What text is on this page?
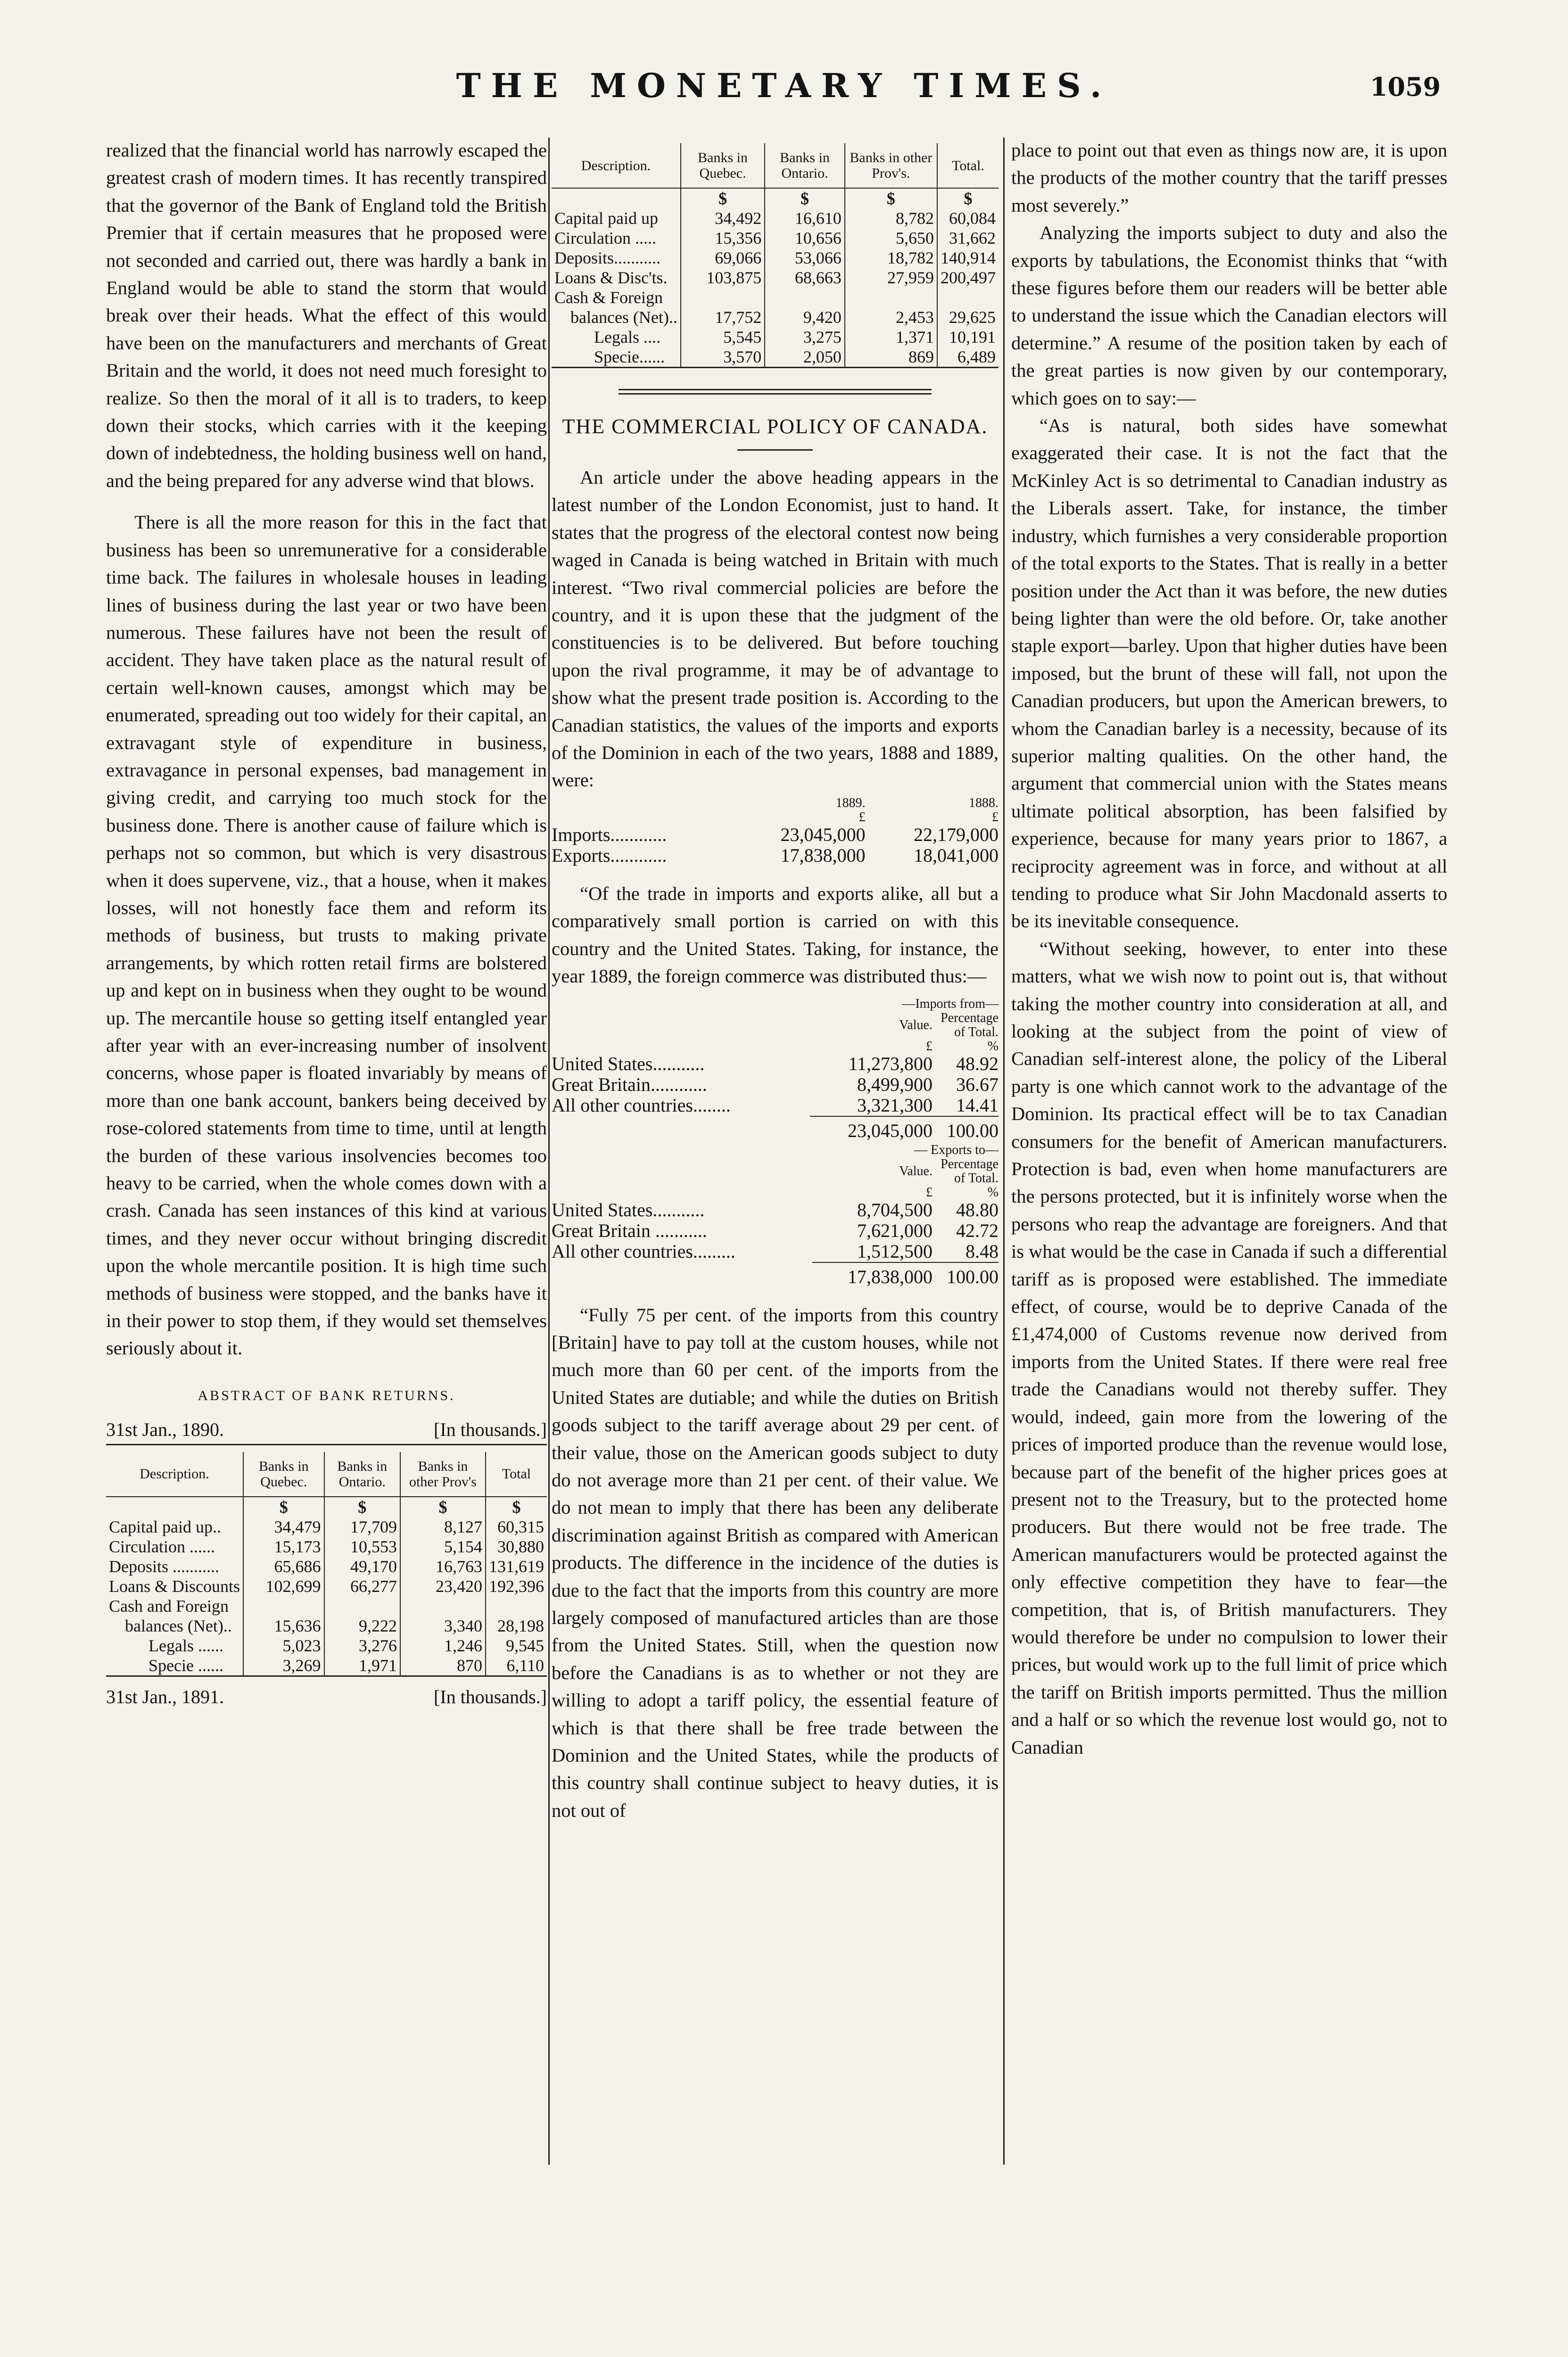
THE MONETARY TIMES.	1059

realized that the financial world has narrowly escaped the greatest crash of modern times. It has recently transpired that the governor of the Bank of England told the British Premier that if certain measures that he proposed were not seconded and carried out, there was hardly a bank in England would be able to stand the storm that would break over their heads. What the effect of this would have been on the manufacturers and merchants of Great Britain and the world, it does not need much foresight to realize. So then the moral of it all is to traders, to keep down their stocks, which carries with it the keeping down of indebtedness, the holding business well on hand, and the being prepared for any adverse wind that blows.

There is all the more reason for this in the fact that business has been so unremunerative for a considerable time back. The failures in wholesale houses in leading lines of business during the last year or two have been numerous. These failures have not been the result of accident. They have taken place as the natural result of certain well-known causes, amongst which may be enumerated, spreading out too widely for their capital, an extravagant style of expenditure in business, extravagance in personal expenses, bad management in giving credit, and carrying too much stock for the business done. There is another cause of failure which is perhaps not so common, but which is very disastrous when it does supervene, viz., that a house, when it makes losses, will not honestly face them and reform its methods of business, but trusts to making private arrangements, by which rotten retail firms are bolstered up and kept on in business when they ought to be wound up. The mercantile house so getting itself entangled year after year with an ever-increasing number of insolvent concerns, whose paper is floated invariably by means of more than one bank account, bankers being deceived by rose-colored statements from time to time, until at length the burden of these various insolvencies becomes too heavy to be carried, when the whole comes down with a crash. Canada has seen instances of this kind at various times, and they never occur without bringing discredit upon the whole mercantile position. It is high time such methods of business were stopped, and the banks have it in their power to stop them, if they would set themselves seriously about it.

ABSTRACT OF BANK RETURNS.
31st Jan., 1890.	[In thousands.]
Description.	Banks in Quebec.	Banks in Ontario.	Banks in other Prov's	Total
	$	$	$	$
Capital paid up..	34,479	17,709	8,127	60,315
Circulation ......	15,173	10,553	5,154	30,880
Deposits ...........	65,686	49,170	16,763	131,619
Loans & Discounts	102,699	66,277	23,420	192,396
Cash and Foreign				
balances (Net)..	15,636	9,222	3,340	28,198
Legals ......	5,023	3,276	1,246	9,545
Specie ......	3,269	1,971	870	6,110
31st Jan., 1891.	[In thousands.]
Description.	Banks in Quebec.	Banks in Ontario.	Banks in other Prov's.	Total.
	$	$	$	$
Capital paid up	34,492	16,610	8,782	60,084
Circulation .....	15,356	10,656	5,650	31,662
Deposits...........	69,066	53,066	18,782	140,914
Loans & Disc'ts.	103,875	68,663	27,959	200,497
Cash & Foreign				
balances (Net)..	17,752	9,420	2,453	29,625
Legals ....	5,545	3,275	1,371	10,191
Specie......	3,570	2,050	869	6,489
THE COMMERCIAL POLICY OF CANADA.

An article under the above heading appears in the latest number of the London Economist, just to hand. It states that the progress of the electoral contest now being waged in Canada is being watched in Britain with much interest. “Two rival commercial policies are before the country, and it is upon these that the judgment of the constituencies is to be delivered. But before touching upon the rival programme, it may be of advantage to show what the present trade position is. According to the Canadian statistics, the values of the imports and exports of the Dominion in each of the two years, 1888 and 1889, were:

	1889.	1888.
	£	£
Imports............	23,045,000	22,179,000
Exports............	17,838,000	18,041,000

“Of the trade in imports and exports alike, all but a comparatively small portion is carried on with this country and the United States. Taking, for instance, the year 1889, the foreign commerce was distributed thus:—

	—Imports from—	
	Value.	Percentage of Total.
	£	%
United States...........	11,273,800	48.92
Great Britain............	8,499,900	36.67
All other countries........	3,321,300	14.41
	23,045,000	100.00
	— Exports to—	
	Value.	Percentage of Total.
	£	%
United States...........	8,704,500	48.80
Great Britain ...........	7,621,000	42.72
All other countries.........	1,512,500	8.48
	17,838,000	100.00

“Fully 75 per cent. of the imports from this country [Britain] have to pay toll at the custom houses, while not much more than 60 per cent. of the imports from the United States are dutiable; and while the duties on British goods subject to the tariff average about 29 per cent. of their value, those on the American goods subject to duty do not average more than 21 per cent. of their value. We do not mean to imply that there has been any deliberate discrimination against British as compared with American products. The difference in the incidence of the duties is due to the fact that the imports from this country are more largely composed of manufactured articles than are those from the United States. Still, when the question now before the Canadians is as to whether or not they are willing to adopt a tariff policy, the essential feature of which is that there shall be free trade between the Dominion and the United States, while the products of this country shall continue subject to heavy duties, it is not out of

place to point out that even as things now are, it is upon the products of the mother country that the tariff presses most severely.”

Analyzing the imports subject to duty and also the exports by tabulations, the Economist thinks that “with these figures before them our readers will be better able to understand the issue which the Canadian electors will determine.” A resume of the position taken by each of the great parties is now given by our contemporary, which goes on to say:—

“As is natural, both sides have somewhat exaggerated their case. It is not the fact that the McKinley Act is so detrimental to Canadian industry as the Liberals assert. Take, for instance, the timber industry, which furnishes a very considerable proportion of the total exports to the States. That is really in a better position under the Act than it was before, the new duties being lighter than were the old before. Or, take another staple export—barley. Upon that higher duties have been imposed, but the brunt of these will fall, not upon the Canadian producers, but upon the American brewers, to whom the Canadian barley is a necessity, because of its superior malting qualities. On the other hand, the argument that commercial union with the States means ultimate political absorption, has been falsified by experience, because for many years prior to 1867, a reciprocity agreement was in force, and without at all tending to produce what Sir John Macdonald asserts to be its inevitable consequence.

“Without seeking, however, to enter into these matters, what we wish now to point out is, that without taking the mother country into consideration at all, and looking at the subject from the point of view of Canadian self-interest alone, the policy of the Liberal party is one which cannot work to the advantage of the Dominion. Its practical effect will be to tax Canadian consumers for the benefit of American manufacturers. Protection is bad, even when home manufacturers are the persons protected, but it is infinitely worse when the persons who reap the advantage are foreigners. And that is what would be the case in Canada if such a differential tariff as is proposed were established. The immediate effect, of course, would be to deprive Canada of the £1,474,000 of Customs revenue now derived from imports from the United States. If there were real free trade the Canadians would not thereby suffer. They would, indeed, gain more from the lowering of the prices of imported produce than the revenue would lose, because part of the benefit of the higher prices goes at present not to the Treasury, but to the protected home producers. But there would not be free trade. The American manufacturers would be protected against the only effective competition they have to fear—the competition, that is, of British manufacturers. They would therefore be under no compulsion to lower their prices, but would work up to the full limit of price which the tariff on British imports permitted. Thus the million and a half or so which the revenue lost would go, not to Canadian
